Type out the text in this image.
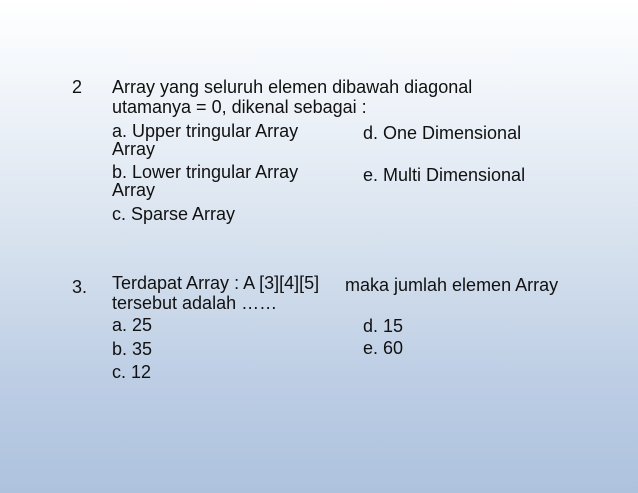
2 Array yang seluruh elemen dibawah diagonal

utamanya = 0, dikenal sebagai :

a. Upper tringular Array

Array

d. One Dimensional

b. Lower tringular Array

Array

e. Multi Dimensional

c. Sparse Array

3. Terdapat Array : A [3][4][5] maka jumlah elemen Array

tersebut adalah ……

a. 25	d. 15

b. 35	e. 60

c. 12
